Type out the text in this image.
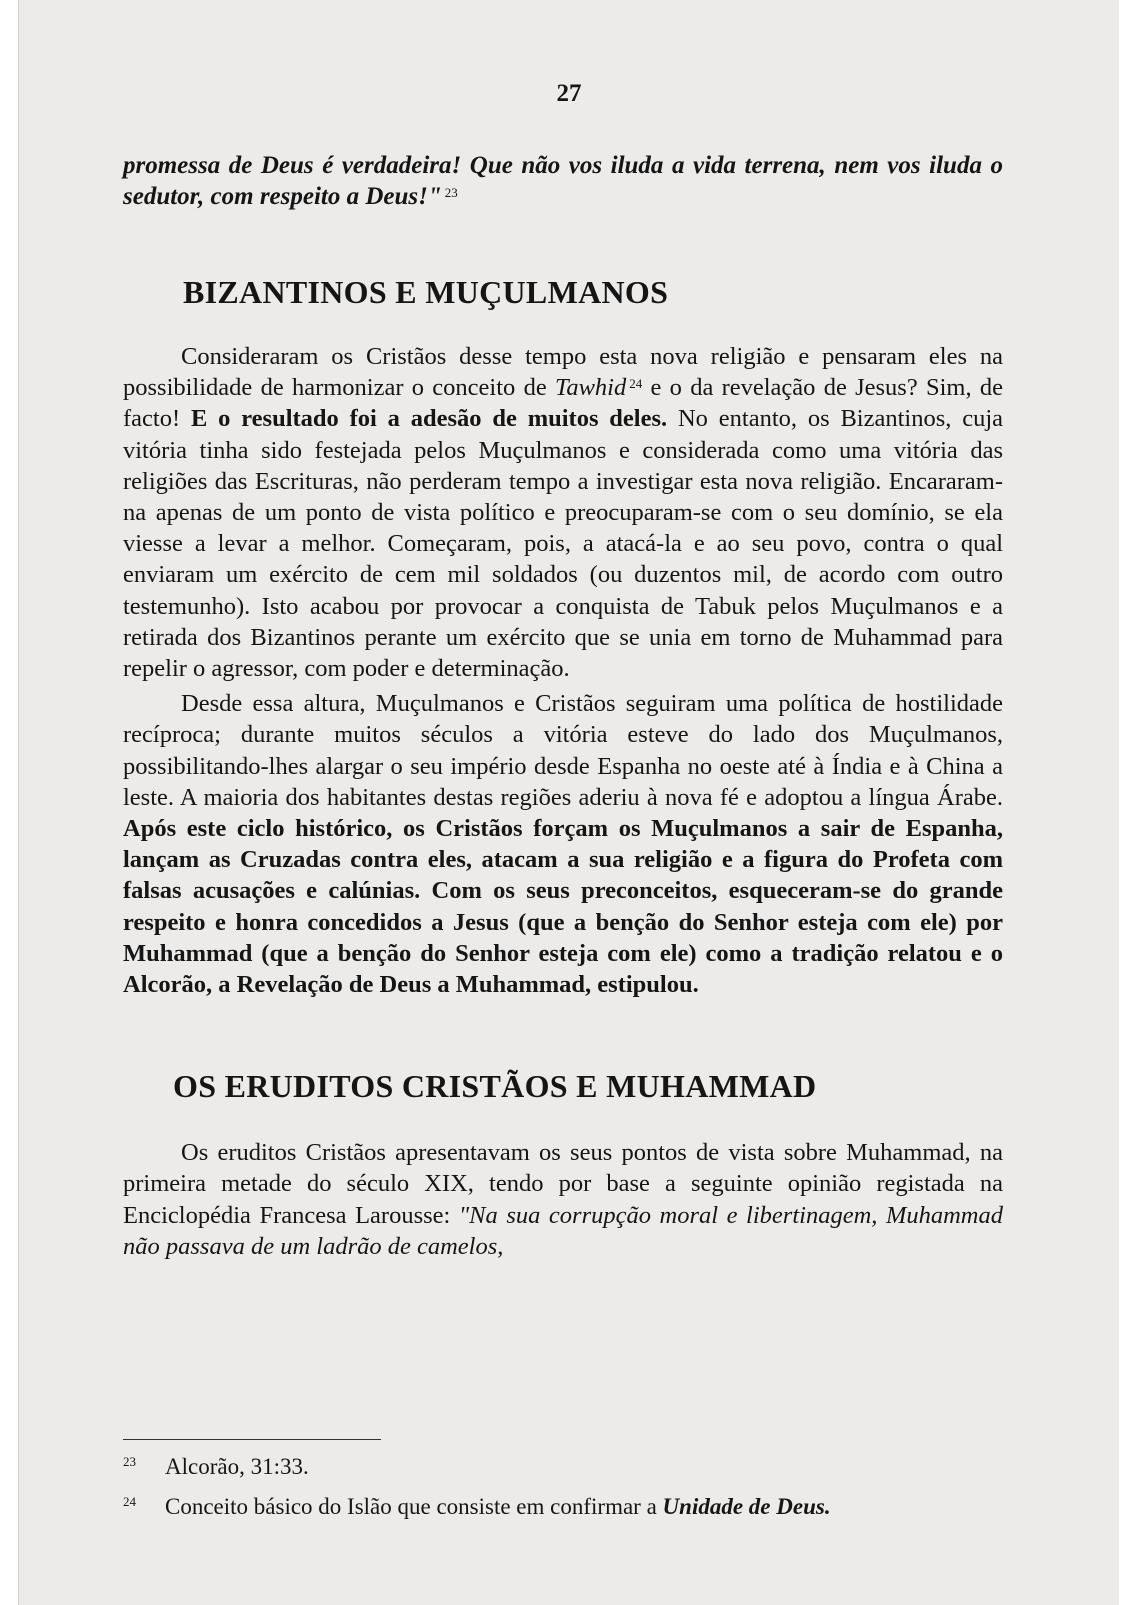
27

promessa de Deus é verdadeira! Que não vos iluda a vida terrena, nem vos iluda o sedutor, com respeito a Deus!" $^{23}$

BIZANTINOS E MUÇULMANOS

Consideraram os Cristãos desse tempo esta nova religião e pensaram eles na possibilidade de harmonizar o conceito de Tawhid $^{24}$ e o da revelação de Jesus? Sim, de facto! E o resultado foi a adesão de muitos deles. No entanto, os Bizantinos, cuja vitória tinha sido festejada pelos Muçulmanos e considerada como uma vitória das religiões das Escrituras, não perderam tempo a investigar esta nova religião. Encararam-na apenas de um ponto de vista político e preocuparam-se com o seu domínio, se ela viesse a levar a melhor. Começaram, pois, a atacá-la e ao seu povo, contra o qual enviaram um exército de cem mil soldados (ou duzentos mil, de acordo com outro testemunho). Isto acabou por provocar a conquista de Tabuk pelos Muçulmanos e a retirada dos Bizantinos perante um exército que se unia em torno de Muhammad para repelir o agressor, com poder e determinação.

Desde essa altura, Muçulmanos e Cristãos seguiram uma política de hostilidade recíproca; durante muitos séculos a vitória esteve do lado dos Muçulmanos, possibilitando-lhes alargar o seu império desde Espanha no oeste até à Índia e à China a leste. A maioria dos habitantes destas regiões aderiu à nova fé e adoptou a língua Árabe. Após este ciclo histórico, os Cristãos forçam os Muçulmanos a sair de Espanha, lançam as Cruzadas contra eles, atacam a sua religião e a figura do Profeta com falsas acusações e calúnias. Com os seus preconceitos, esqueceram-se do grande respeito e honra concedidos a Jesus (que a benção do Senhor esteja com ele) por Muhammad (que a benção do Senhor esteja com ele) como a tradição relatou e o Alcorão, a Revelação de Deus a Muhammad, estipulou.

OS ERUDITOS CRISTÃOS E MUHAMMAD

Os eruditos Cristãos apresentavam os seus pontos de vista sobre Muhammad, na primeira metade do século XIX, tendo por base a seguinte opinião registada na Enciclopédia Francesa Larousse: "Na sua corrupção moral e libertinagem, Muhammad não passava de um ladrão de camelos,

23 Alcorão, 31:33.
24 Conceito básico do Islão que consiste em confirmar a Unidade de Deus.
